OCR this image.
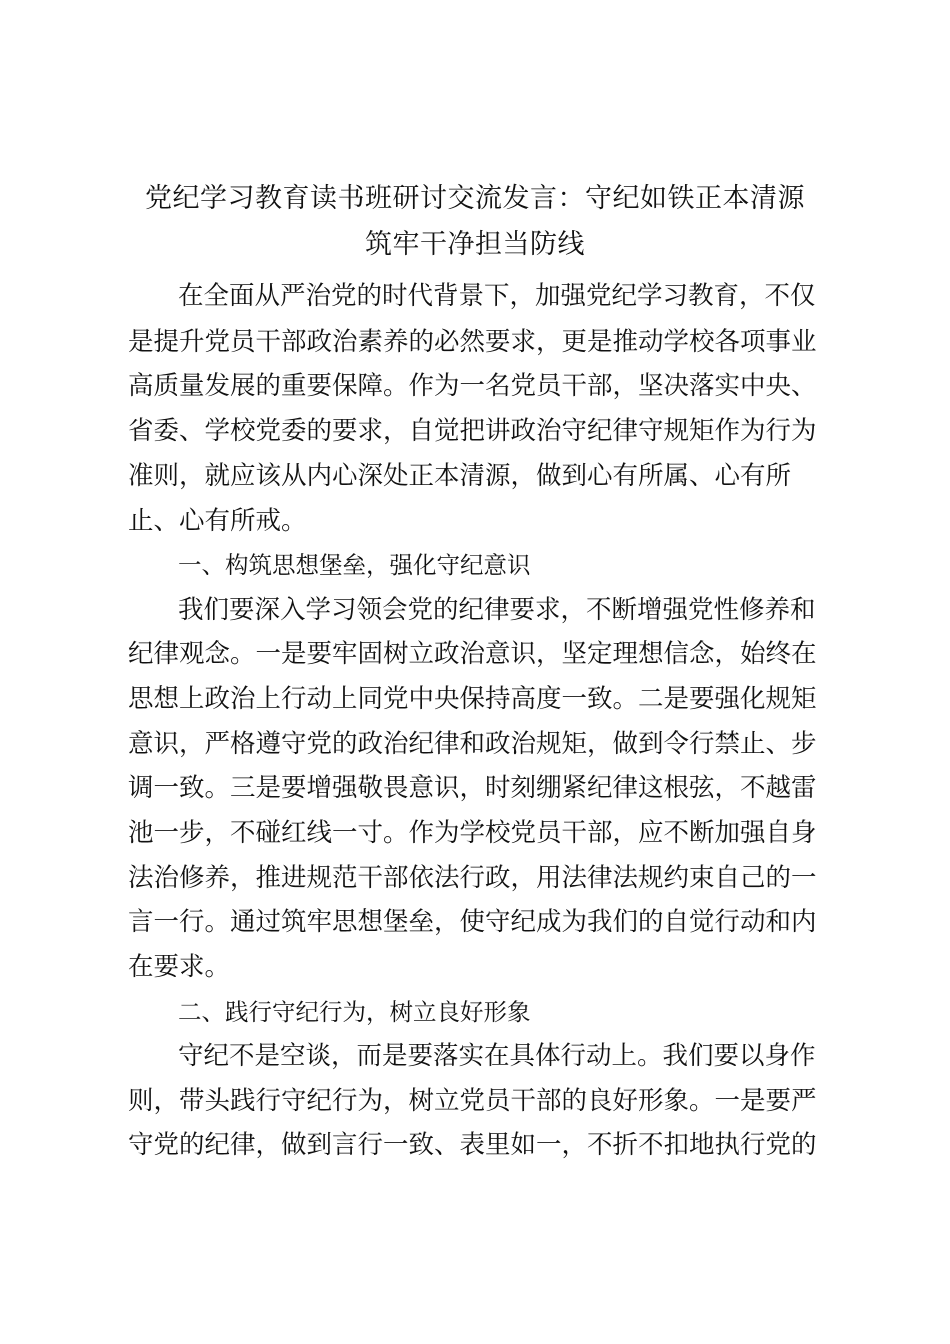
党纪学习教育读书班研讨交流发言：守纪如铁正本清源
筑牢干净担当防线
在全面从严治党的时代背景下，加强党纪学习教育，不仅
是提升党员干部政治素养的必然要求，更是推动学校各项事业
高质量发展的重要保障。作为一名党员干部，坚决落实中央、
省委、学校党委的要求，自觉把讲政治守纪律守规矩作为行为
准则，就应该从内心深处正本清源，做到心有所属、心有所
止、心有所戒。
一、构筑思想堡垒，强化守纪意识
我们要深入学习领会党的纪律要求，不断增强党性修养和
纪律观念。一是要牢固树立政治意识，坚定理想信念，始终在
思想上政治上行动上同党中央保持高度一致。二是要强化规矩
意识，严格遵守党的政治纪律和政治规矩，做到令行禁止、步
调一致。三是要增强敬畏意识，时刻绷紧纪律这根弦，不越雷
池一步，不碰红线一寸。作为学校党员干部，应不断加强自身
法治修养，推进规范干部依法行政，用法律法规约束自己的一
言一行。通过筑牢思想堡垒，使守纪成为我们的自觉行动和内
在要求。
二、践行守纪行为，树立良好形象
守纪不是空谈，而是要落实在具体行动上。我们要以身作
则，带头践行守纪行为，树立党员干部的良好形象。一是要严
守党的纪律，做到言行一致、表里如一，不折不扣地执行党的
